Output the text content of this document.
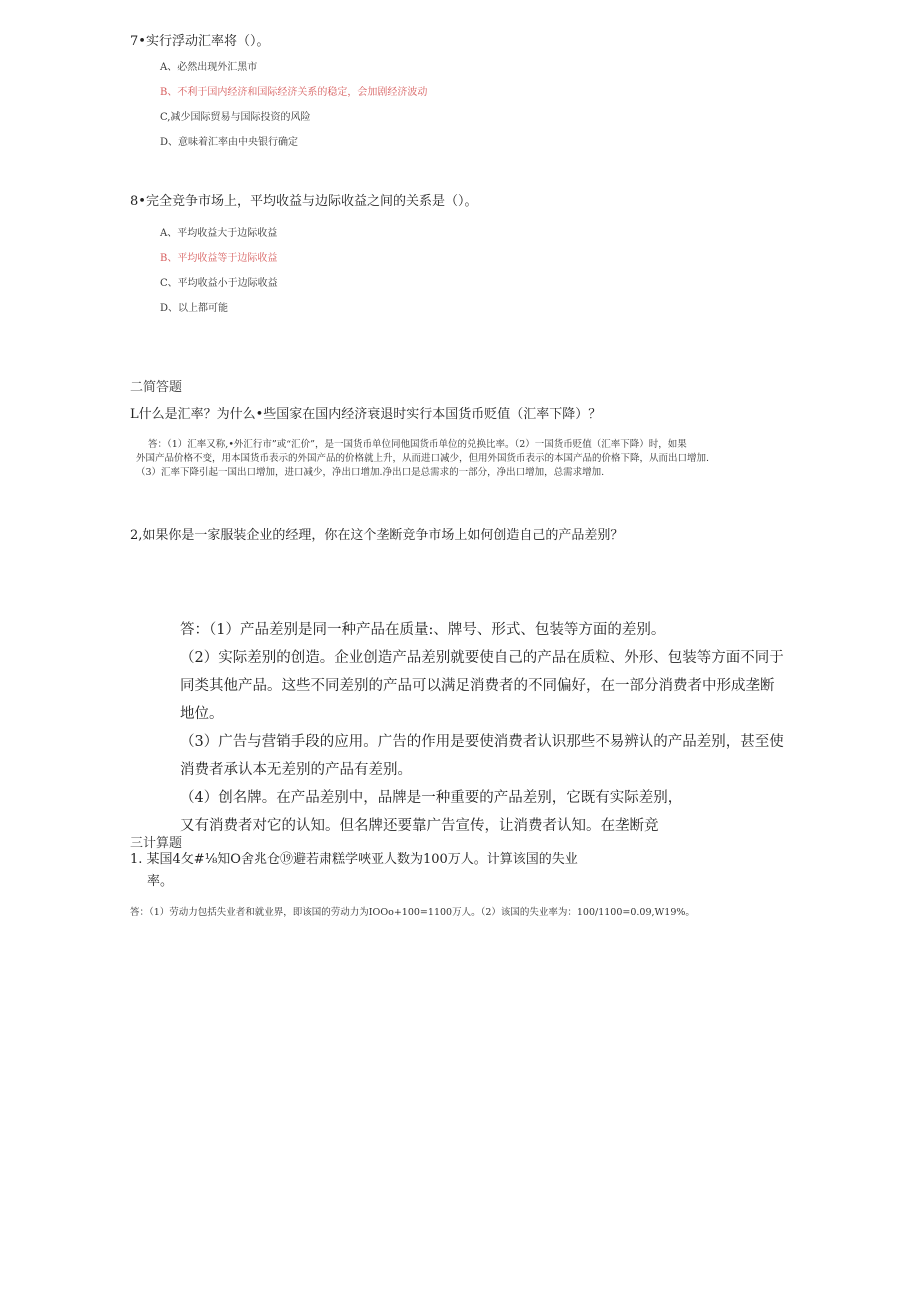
7•实行浮动汇率将（）。
A、必然出现外汇黑市
B、不利于国内经济和国际经济关系的稳定，会加剧经济波动
C,减少国际贸易与国际投资的风险
D、意味着汇率由中央银行确定
8•完全竞争市场上，平均收益与边际收益之间的关系是（）。
A、平均收益大于边际收益
B、平均收益等于边际收益
C、平均收益小于边际收益
D、以上都可能
二简答题
L什么是汇率？为什么•些国家在国内经济衰退时实行本国货币贬值（汇率下降）？
答：（1）汇率又称,•外汇行市”或“汇价”，是一国货币单位同他国货币单位的兑换比率。（2）一国货币贬值（汇率下降）时，如果
外国产品价格不变，用本国货币表示的外国产品的价格就上升，从而进口减少，但用外国货币表示的本国产品的价格下降，从而出口增加.
（3）汇率下降引起一国出口增加，进口减少，净出口增加.净出口是总需求的一部分，净出口增加，总需求增加.
2,如果你是一家服装企业的经理，你在这个垄断竞争市场上如何创造自己的产品差别？
答：（1）产品差别是同一种产品在质量:、牌号、形式、包装等方面的差别。
（2）实际差别的创造。企业创造产品差别就要使自己的产品在质粒、外形、包装等方面不同于
同类其他产品。这些不同差别的产品可以满足消费者的不同偏好，在一部分消费者中形成垄断
地位。
（3）广告与营销手段的应用。广告的作用是要使消费者认识那些不易辨认的产品差别，甚至使
消费者承认本无差别的产品有差别。
（4）创名牌。在产品差别中，品牌是一种重要的产品差别，它既有实际差别，
又有消费者对它的认知。但名牌还要靠广告宣传，让消费者认知。在垄断竞
三计算题
1. 某国4攵#⅛知O舍兆仓⑲避若肃糕学唊亚人数为100万人。计算该国的失业
率。
答：（1）劳动力包括失业者和就业界，即该国的劳动力为IOOo+100=1100万人。（2）该国的失业率为：100/1100=0.09,W19%。
